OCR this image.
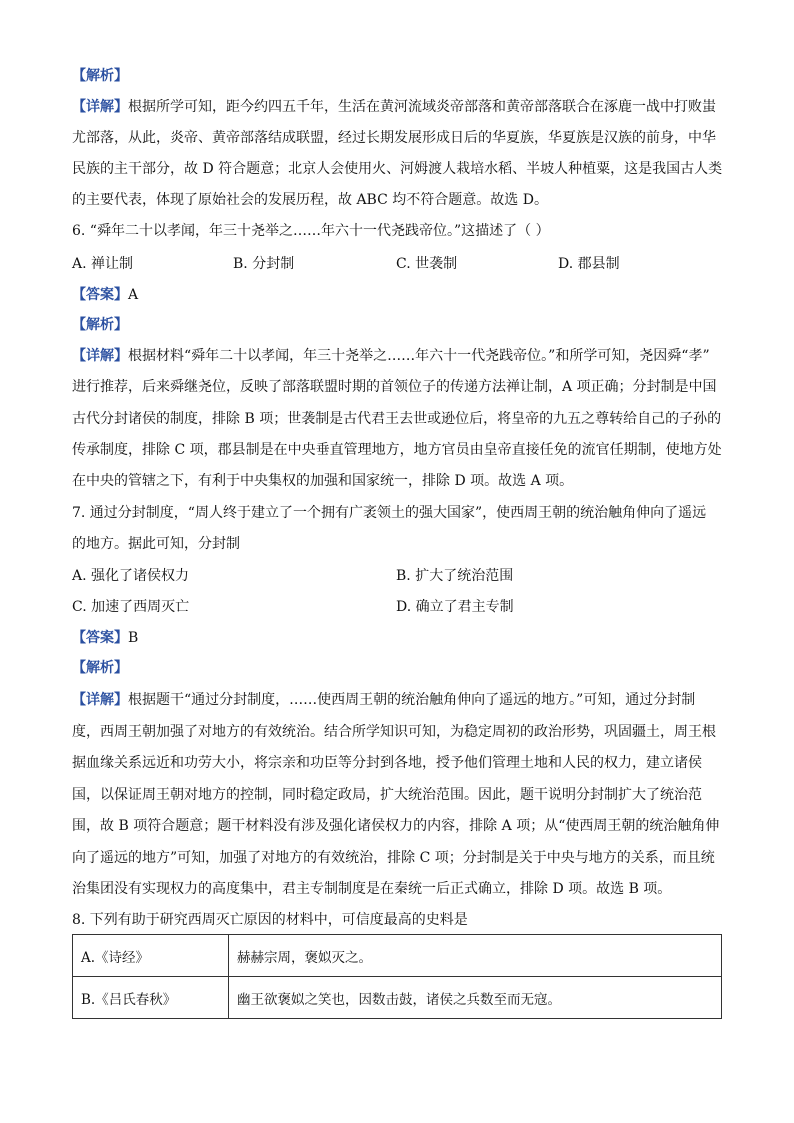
【解析】
【详解】根据所学可知，距今约四五千年，生活在黄河流域炎帝部落和黄帝部落联合在涿鹿一战中打败蚩
尤部落，从此，炎帝、黄帝部落结成联盟，经过长期发展形成日后的华夏族，华夏族是汉族的前身，中华
民族的主干部分，故 D 符合题意；北京人会使用火、河姆渡人栽培水稻、半坡人种植粟，这是我国古人类
的主要代表，体现了原始社会的发展历程，故 ABC 均不符合题意。故选 D。
6. “舜年二十以孝闻，年三十尧举之……年六十一代尧践帝位。”这描述了（ ）
A. 禅让制	B. 分封制	C. 世袭制	D. 郡县制
【答案】A
【解析】
【详解】根据材料“舜年二十以孝闻，年三十尧举之……年六十一代尧践帝位。”和所学可知，尧因舜“孝”
进行推荐，后来舜继尧位，反映了部落联盟时期的首领位子的传递方法禅让制，A 项正确；分封制是中国
古代分封诸侯的制度，排除 B 项；世袭制是古代君王去世或逊位后，将皇帝的九五之尊转给自己的子孙的
传承制度，排除 C 项，郡县制是在中央垂直管理地方，地方官员由皇帝直接任免的流官任期制，使地方处
在中央的管辖之下，有利于中央集权的加强和国家统一，排除 D 项。故选 A 项。
7. 通过分封制度，“周人终于建立了一个拥有广袤领土的强大国家”，使西周王朝的统治触角伸向了遥远
的地方。据此可知，分封制
A. 强化了诸侯权力	B. 扩大了统治范围
C. 加速了西周灭亡	D. 确立了君主专制
【答案】B
【解析】
【详解】根据题干“通过分封制度，……使西周王朝的统治触角伸向了遥远的地方。”可知，通过分封制
度，西周王朝加强了对地方的有效统治。结合所学知识可知，为稳定周初的政治形势，巩固疆土，周王根
据血缘关系远近和功劳大小，将宗亲和功臣等分封到各地，授予他们管理土地和人民的权力，建立诸侯
国，以保证周王朝对地方的控制，同时稳定政局，扩大统治范围。因此，题干说明分封制扩大了统治范
围，故 B 项符合题意；题干材料没有涉及强化诸侯权力的内容，排除 A 项；从“使西周王朝的统治触角伸
向了遥远的地方”可知，加强了对地方的有效统治，排除 C 项；分封制是关于中央与地方的关系，而且统
治集团没有实现权力的高度集中，君主专制制度是在秦统一后正式确立，排除 D 项。故选 B 项。
8. 下列有助于研究西周灭亡原因的材料中，可信度最高的史料是
A.《诗经》	赫赫宗周，褒姒灭之。
B.《吕氏春秋》	幽王欲褒姒之笑也，因数击鼓，诸侯之兵数至而无寇。
